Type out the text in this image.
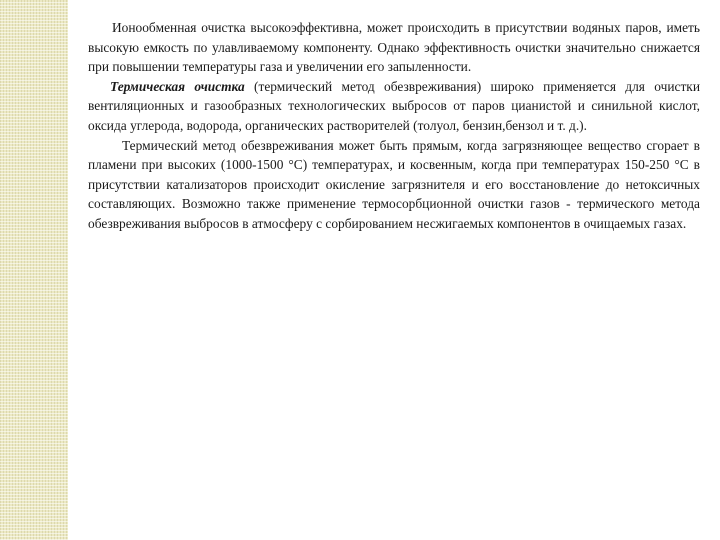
Ионообменная очистка высокоэффективна, может происходить в присутствии водяных паров, иметь высокую емкость по улавливаемому компоненту. Однако эффективность очистки значительно снижается при повышении температуры газа и увеличении его запыленности.

Термическая очистка (термический метод обезвреживания) широко применяется для очистки вентиляционных и газообразных технологических выбросов от паров цианистой и синильной кислот, оксида углерода, водорода, органических растворителей (толуол, бензин,бензол и т. д.).

Термический метод обезвреживания может быть прямым, когда загрязняющее вещество сгорает в пламени при высоких (1000-1500 °С) температурах, и косвенным, когда при температурах 150-250 °С в присутствии катализаторов происходит окисление загрязнителя и его восстановление до нетоксичных составляющих. Возможно также применение термосорбционной очистки газов - термического метода обезвреживания выбросов в атмосферу с сорбированием несжигаемых компонентов в очищаемых газах.
